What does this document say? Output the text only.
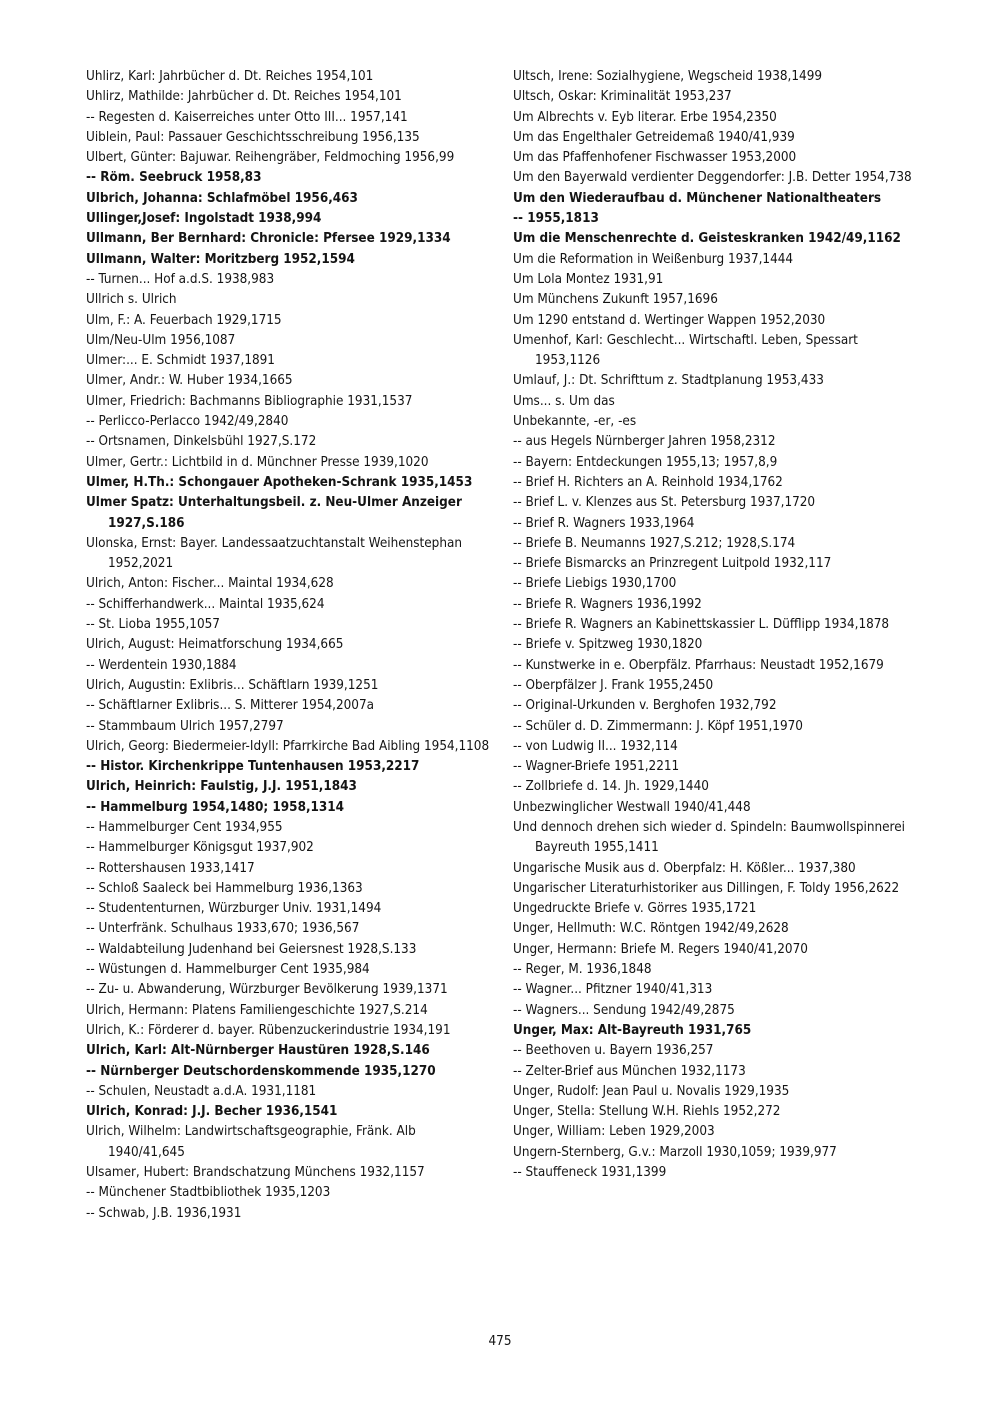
Uhlirz, Karl: Jahrbücher d. Dt. Reiches 1954,101
Uhlirz, Mathilde: Jahrbücher d. Dt. Reiches 1954,101
-- Regesten d. Kaiserreiches unter Otto III... 1957,141
Uiblein, Paul: Passauer Geschichtsschreibung 1956,135
Ulbert, Günter: Bajuwar. Reihengräber, Feldmoching 1956,99
-- Röm. Seebruck 1958,83
Ulbrich, Johanna: Schlafmöbel 1956,463
Ullinger,Josef: Ingolstadt 1938,994
Ullmann, Ber Bernhard: Chronicle: Pfersee 1929,1334
Ullmann, Walter: Moritzberg 1952,1594
-- Turnen... Hof a.d.S. 1938,983
Ullrich s. Ulrich
Ulm, F.: A. Feuerbach 1929,1715
Ulm/Neu-Ulm 1956,1087
Ulmer:... E. Schmidt 1937,1891
Ulmer, Andr.: W. Huber 1934,1665
Ulmer, Friedrich: Bachmanns Bibliographie 1931,1537
-- Perlicco-Perlacco 1942/49,2840
-- Ortsnamen, Dinkelsbühl 1927,S.172
Ulmer, Gertr.: Lichtbild in d. Münchner Presse 1939,1020
Ulmer, H.Th.: Schongauer Apotheken-Schrank 1935,1453
Ulmer Spatz: Unterhaltungsbeil. z. Neu-Ulmer Anzeiger 1927,S.186
Ulonska, Ernst: Bayer. Landessaatzuchtanstalt Weihenstephan 1952,2021
Ulrich, Anton: Fischer... Maintal 1934,628
-- Schifferhandwerk... Maintal 1935,624
-- St. Lioba 1955,1057
Ulrich, August: Heimatforschung 1934,665
-- Werdentein 1930,1884
Ulrich, Augustin: Exlibris... Schäftlarn 1939,1251
-- Schäftlarner Exlibris... S. Mitterer 1954,2007a
-- Stammbaum Ulrich 1957,2797
Ulrich, Georg: Biedermeier-Idyll: Pfarrkirche Bad Aibling 1954,1108
-- Histor. Kirchenkrippe Tuntenhausen 1953,2217
Ulrich, Heinrich: Faulstig, J.J. 1951,1843
-- Hammelburg 1954,1480; 1958,1314
-- Hammelburger Cent 1934,955
-- Hammelburger Königsgut 1937,902
-- Rottershausen 1933,1417
-- Schloß Saaleck bei Hammelburg 1936,1363
-- Studententurnen, Würzburger Univ. 1931,1494
-- Unterfränk. Schulhaus 1933,670; 1936,567
-- Waldabteilung Judenhand bei Geiersnest 1928,S.133
-- Wüstungen d. Hammelburger Cent 1935,984
-- Zu- u. Abwanderung, Würzburger Bevölkerung 1939,1371
Ulrich, Hermann: Platens Familiengeschichte 1927,S.214
Ulrich, K.: Förderer d. bayer. Rübenzuckerindustrie 1934,191
Ulrich, Karl: Alt-Nürnberger Haustüren 1928,S.146
-- Nürnberger Deutschordenskommende 1935,1270
-- Schulen, Neustadt a.d.A. 1931,1181
Ulrich, Konrad: J.J. Becher 1936,1541
Ulrich, Wilhelm: Landwirtschaftsgeographie, Fränk. Alb 1940/41,645
Ulsamer, Hubert: Brandschatzung Münchens 1932,1157
-- Münchener Stadtbibliothek 1935,1203
-- Schwab, J.B. 1936,1931
Ultsch, Irene: Sozialhygiene, Wegscheid 1938,1499
Ultsch, Oskar: Kriminalität 1953,237
Um Albrechts v. Eyb literar. Erbe 1954,2350
Um das Engelthaler Getreidemaß 1940/41,939
Um das Pfaffenhofener Fischwasser 1953,2000
Um den Bayerwald verdienter Deggendorfer: J.B. Detter 1954,738
Um den Wiederaufbau d. Münchener Nationaltheaters
-- 1955,1813
Um die Menschenrechte d. Geisteskranken 1942/49,1162
Um die Reformation in Weißenburg 1937,1444
Um Lola Montez 1931,91
Um Münchens Zukunft 1957,1696
Um 1290 entstand d. Wertinger Wappen 1952,2030
Umenhof, Karl: Geschlecht... Wirtschaftl. Leben, Spessart 1953,1126
Umlauf, J.: Dt. Schrifttum z. Stadtplanung 1953,433
Ums... s. Um das
Unbekannte, -er, -es
-- aus Hegels Nürnberger Jahren 1958,2312
-- Bayern: Entdeckungen 1955,13; 1957,8,9
-- Brief H. Richters an A. Reinhold 1934,1762
-- Brief L. v. Klenzes aus St. Petersburg 1937,1720
-- Brief R. Wagners 1933,1964
-- Briefe B. Neumanns 1927,S.212; 1928,S.174
-- Briefe Bismarcks an Prinzregent Luitpold 1932,117
-- Briefe Liebigs 1930,1700
-- Briefe R. Wagners 1936,1992
-- Briefe R. Wagners an Kabinettskassier L. Düfflipp 1934,1878
-- Briefe v. Spitzweg 1930,1820
-- Kunstwerke in e. Oberpfälz. Pfarrhaus: Neustadt 1952,1679
-- Oberpfälzer J. Frank 1955,2450
-- Original-Urkunden v. Berghofen 1932,792
-- Schüler d. D. Zimmermann: J. Köpf 1951,1970
-- von Ludwig II... 1932,114
-- Wagner-Briefe 1951,2211
-- Zollbriefe d. 14. Jh. 1929,1440
Unbezwinglicher Westwall 1940/41,448
Und dennoch drehen sich wieder d. Spindeln: Baumwollspinnerei Bayreuth 1955,1411
Ungarische Musik aus d. Oberpfalz: H. Kößler... 1937,380
Ungarischer Literaturhistoriker aus Dillingen, F. Toldy 1956,2622
Ungedruckte Briefe v. Görres 1935,1721
Unger, Hellmuth: W.C. Röntgen 1942/49,2628
Unger, Hermann: Briefe M. Regers 1940/41,2070
-- Reger, M. 1936,1848
-- Wagner... Pfitzner 1940/41,313
-- Wagners... Sendung 1942/49,2875
Unger, Max: Alt-Bayreuth 1931,765
-- Beethoven u. Bayern 1936,257
-- Zelter-Brief aus München 1932,1173
Unger, Rudolf: Jean Paul u. Novalis 1929,1935
Unger, Stella: Stellung W.H. Riehls 1952,272
Unger, William: Leben 1929,2003
Ungern-Sternberg, G.v.: Marzoll 1930,1059; 1939,977
-- Stauffeneck 1931,1399
475
